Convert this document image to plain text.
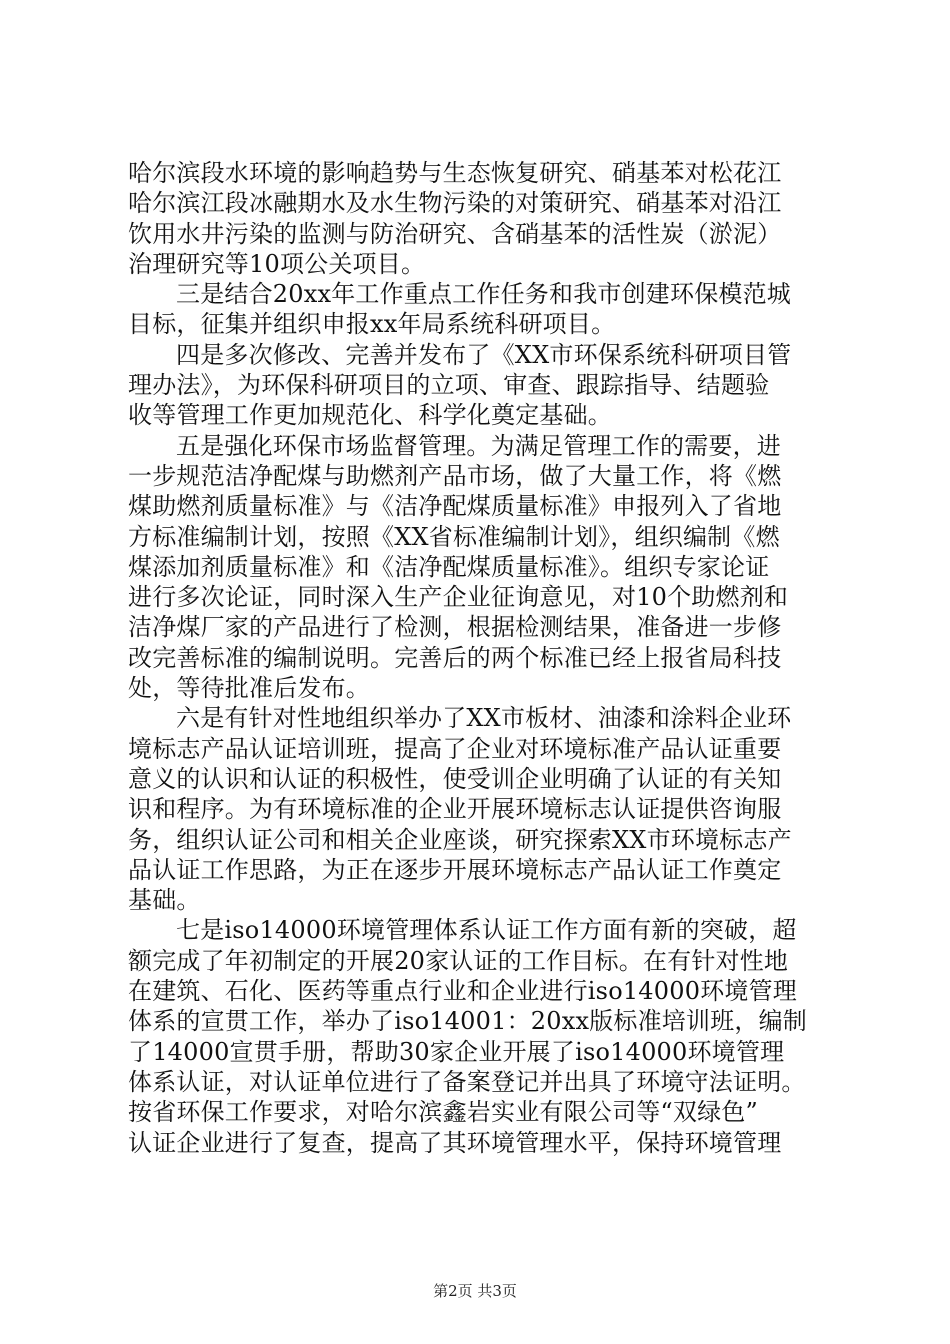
哈尔滨段水环境的影响趋势与生态恢复研究、硝基苯对松花江
哈尔滨江段冰融期水及水生物污染的对策研究、硝基苯对沿江
饮用水井污染的监测与防治研究、含硝基苯的活性炭（淤泥）
治理研究等10项公关项目。
三是结合20xx年工作重点工作任务和我市创建环保模范城
目标，征集并组织申报xx年局系统科研项目。
四是多次修改、完善并发布了《XX市环保系统科研项目管
理办法》，为环保科研项目的立项、审查、跟踪指导、结题验
收等管理工作更加规范化、科学化奠定基础。
五是强化环保市场监督管理。为满足管理工作的需要，进
一步规范洁净配煤与助燃剂产品市场，做了大量工作，将《燃
煤助燃剂质量标准》与《洁净配煤质量标准》申报列入了省地
方标准编制计划，按照《XX省标准编制计划》，组织编制《燃
煤添加剂质量标准》和《洁净配煤质量标准》。组织专家论证
进行多次论证，同时深入生产企业征询意见，对10个助燃剂和
洁净煤厂家的产品进行了检测，根据检测结果，准备进一步修
改完善标准的编制说明。完善后的两个标准已经上报省局科技
处，等待批准后发布。
六是有针对性地组织举办了XX市板材、油漆和涂料企业环
境标志产品认证培训班，提高了企业对环境标准产品认证重要
意义的认识和认证的积极性，使受训企业明确了认证的有关知
识和程序。为有环境标准的企业开展环境标志认证提供咨询服
务，组织认证公司和相关企业座谈，研究探索XX市环境标志产
品认证工作思路，为正在逐步开展环境标志产品认证工作奠定
基础。
七是iso14000环境管理体系认证工作方面有新的突破，超
额完成了年初制定的开展20家认证的工作目标。在有针对性地
在建筑、石化、医药等重点行业和企业进行iso14000环境管理
体系的宣贯工作，举办了iso14001：20xx版标准培训班，编制
了14000宣贯手册，帮助30家企业开展了iso14000环境管理
体系认证，对认证单位进行了备案登记并出具了环境守法证明。
按省环保工作要求，对哈尔滨鑫岩实业有限公司等“双绿色”
认证企业进行了复查，提高了其环境管理水平，保持环境管理
第2页 共3页
